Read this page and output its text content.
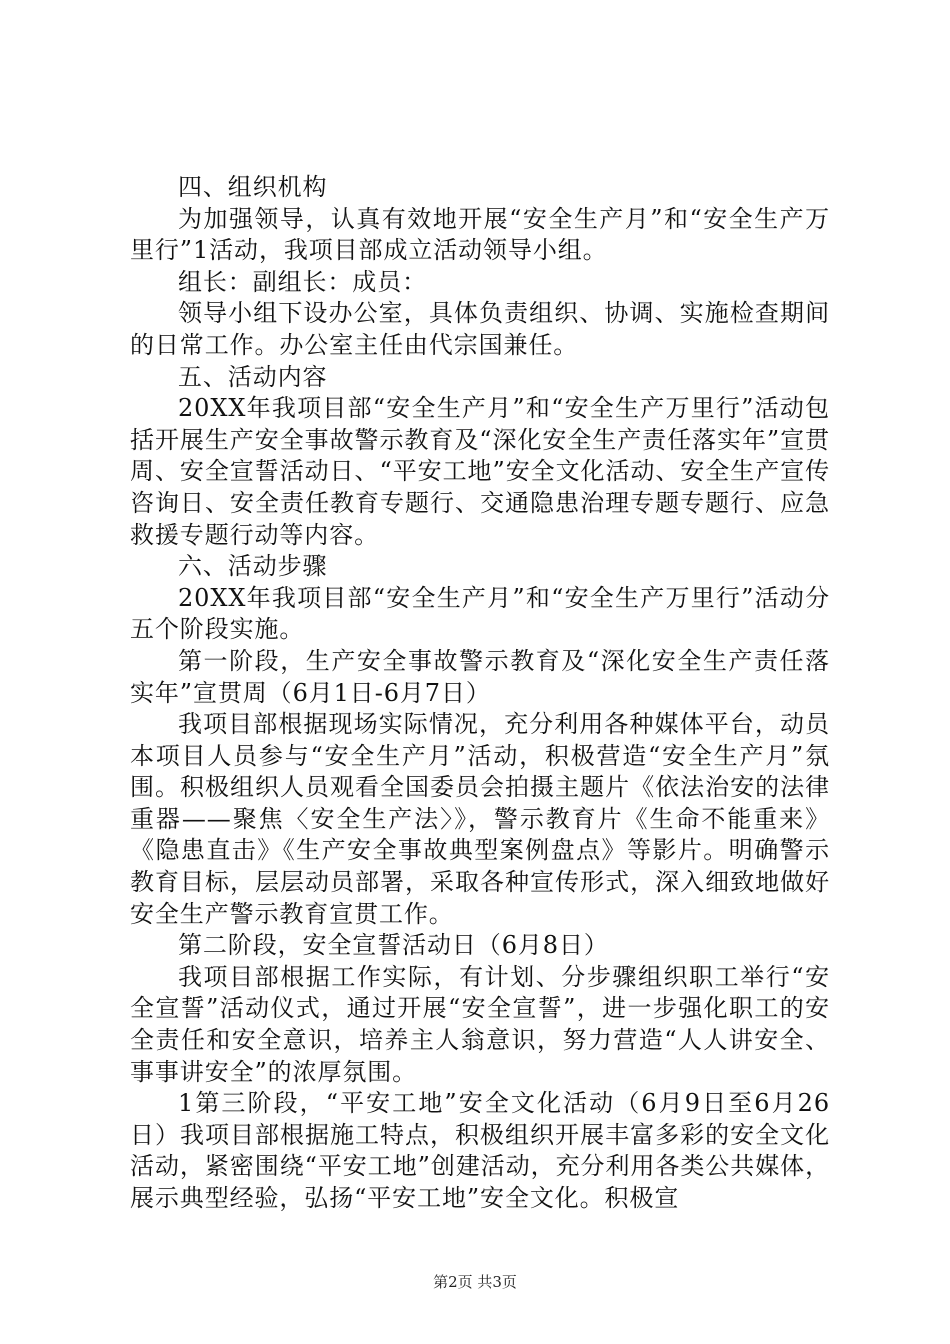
四、组织机构

为加强领导，认真有效地开展“安全生产月”和“安全生产万里行”1活动，我项目部成立活动领导小组。

组长：副组长：成员：

领导小组下设办公室，具体负责组织、协调、实施检查期间的日常工作。办公室主任由代宗国兼任。

五、活动内容

20XX年我项目部“安全生产月”和“安全生产万里行”活动包括开展生产安全事故警示教育及“深化安全生产责任落实年”宣贯周、安全宣誓活动日、“平安工地”安全文化活动、安全生产宣传咨询日、安全责任教育专题行、交通隐患治理专题专题行、应急救援专题行动等内容。

六、活动步骤

20XX年我项目部“安全生产月”和“安全生产万里行”活动分五个阶段实施。

第一阶段，生产安全事故警示教育及“深化安全生产责任落实年”宣贯周（6月1日-6月7日）

我项目部根据现场实际情况，充分利用各种媒体平台，动员本项目人员参与“安全生产月”活动，积极营造“安全生产月”氛围。积极组织人员观看全国委员会拍摄主题片《依法治安的法律重器——聚焦〈安全生产法〉》，警示教育片《生命不能重来》《隐患直击》《生产安全事故典型案例盘点》等影片。明确警示教育目标，层层动员部署，采取各种宣传形式，深入细致地做好安全生产警示教育宣贯工作。

第二阶段，安全宣誓活动日（6月8日）

我项目部根据工作实际，有计划、分步骤组织职工举行“安全宣誓”活动仪式，通过开展“安全宣誓”，进一步强化职工的安全责任和安全意识，培养主人翁意识，努力营造“人人讲安全、事事讲安全”的浓厚氛围。

1第三阶段，“平安工地”安全文化活动（6月9日至6月26日）我项目部根据施工特点，积极组织开展丰富多彩的安全文化活动，紧密围绕“平安工地”创建活动，充分利用各类公共媒体，展示典型经验，弘扬“平安工地”安全文化。积极宣

第2页 共3页
